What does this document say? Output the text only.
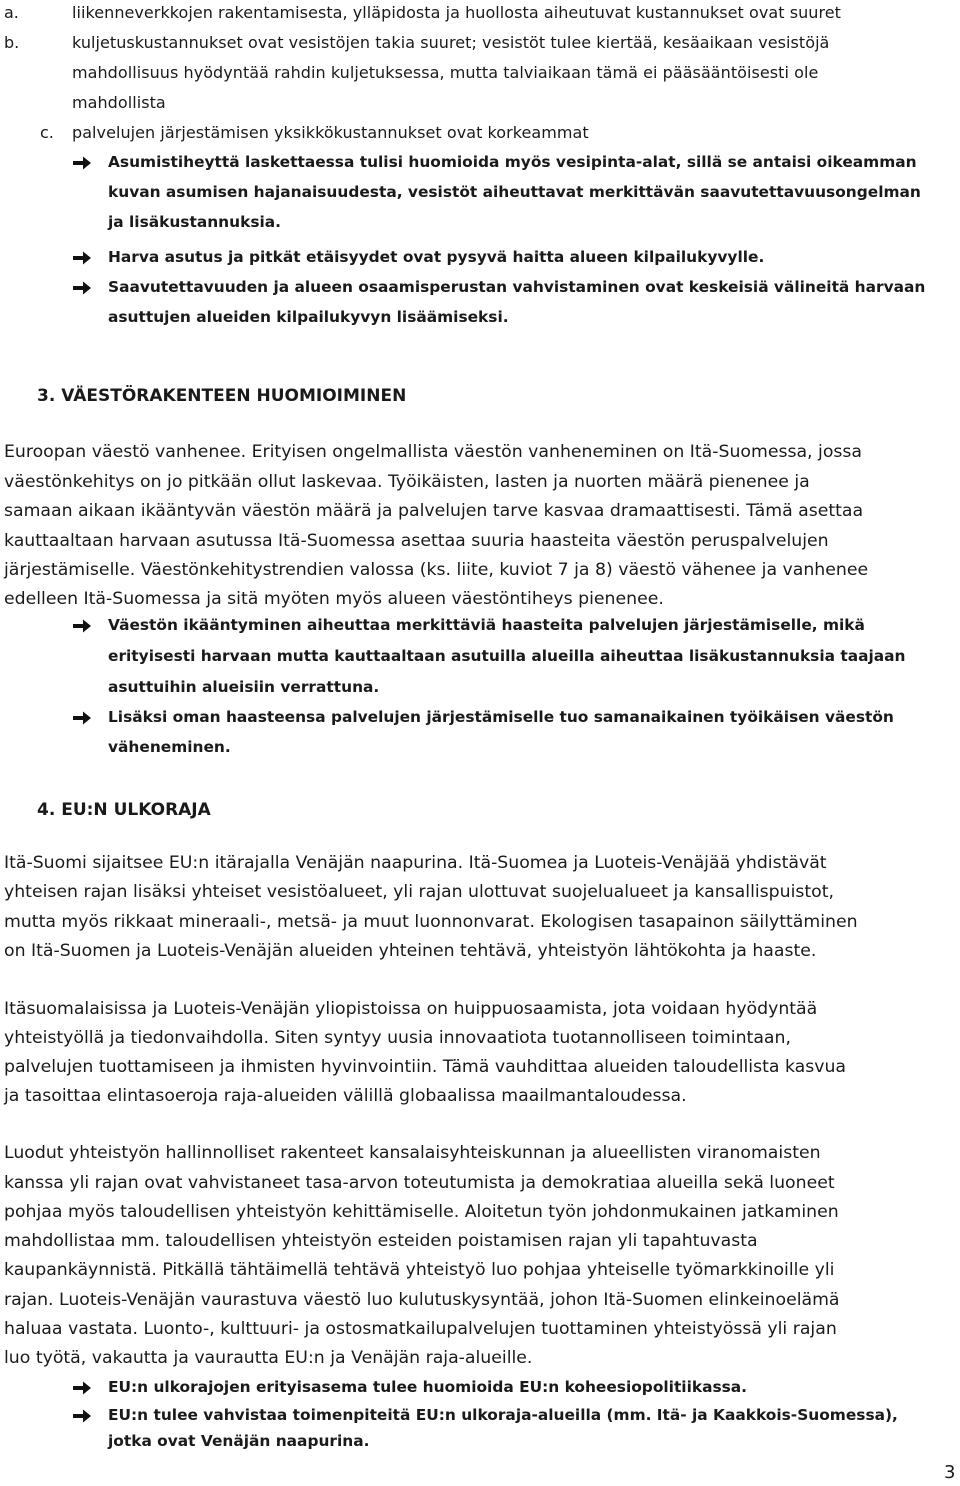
a.	liikenneverkkojen rakentamisesta, ylläpidosta ja huollosta aiheutuvat kustannukset ovat suuret

b.	kuljetuskustannukset ovat vesistöjen takia suuret; vesistöt tulee kiertää, kesäaikaan vesistöjä

mahdollisuus hyödyntää rahdin kuljetuksessa, mutta talviaikaan tämä ei pääsääntöisesti ole

mahdollista

c. palvelujen järjestämisen yksikkökustannukset ovat korkeammat

Asumistiheyttä laskettaessa tulisi huomioida myös vesipinta-alat, sillä se antaisi oikeamman

kuvan asumisen hajanaisuudesta, vesistöt aiheuttavat merkittävän saavutettavuusongelman

ja lisäkustannuksia.

Harva asutus ja pitkät etäisyydet ovat pysyvä haitta alueen kilpailukyvylle.

Saavutettavuuden ja alueen osaamisperustan vahvistaminen ovat keskeisiä välineitä harvaan

asuttujen alueiden kilpailukyvyn lisäämiseksi.

3. VÄESTÖRAKENTEEN HUOMIOIMINEN

Euroopan väestö vanhenee. Erityisen ongelmallista väestön vanheneminen on Itä-Suomessa, jossa

väestönkehitys on jo pitkään ollut laskevaa. Työikäisten, lasten ja nuorten määrä pienenee ja

samaan aikaan ikääntyvän väestön määrä ja palvelujen tarve kasvaa dramaattisesti. Tämä asettaa

kauttaaltaan harvaan asutussa Itä-Suomessa asettaa suuria haasteita väestön peruspalvelujen

järjestämiselle. Väestönkehitystrendien valossa (ks. liite, kuviot 7 ja 8) väestö vähenee ja vanhenee

edelleen Itä-Suomessa ja sitä myöten myös alueen väestöntiheys pienenee.

Väestön ikääntyminen aiheuttaa merkittäviä haasteita palvelujen järjestämiselle, mikä

erityisesti harvaan mutta kauttaaltaan asutuilla alueilla aiheuttaa lisäkustannuksia taajaan

asuttuihin alueisiin verrattuna.

Lisäksi oman haasteensa palvelujen järjestämiselle tuo samanaikainen työikäisen väestön

väheneminen.

4. EU:N ULKORAJA

Itä-Suomi sijaitsee EU:n itärajalla Venäjän naapurina. Itä-Suomea ja Luoteis-Venäjää yhdistävät

yhteisen rajan lisäksi yhteiset vesistöalueet, yli rajan ulottuvat suojelualueet ja kansallispuistot,

mutta myös rikkaat mineraali-, metsä- ja muut luonnonvarat. Ekologisen tasapainon säilyttäminen

on Itä-Suomen ja Luoteis-Venäjän alueiden yhteinen tehtävä, yhteistyön lähtökohta ja haaste.

Itäsuomalaisissa ja Luoteis-Venäjän yliopistoissa on huippuosaamista, jota voidaan hyödyntää

yhteistyöllä ja tiedonvaihdolla. Siten syntyy uusia innovaatiota tuotannolliseen toimintaan,

palvelujen tuottamiseen ja ihmisten hyvinvointiin. Tämä vauhdittaa alueiden taloudellista kasvua

ja tasoittaa elintasoeroja raja-alueiden välillä globaalissa maailmantaloudessa.

Luodut yhteistyön hallinnolliset rakenteet kansalaisyhteiskunnan ja alueellisten viranomaisten

kanssa yli rajan ovat vahvistaneet tasa-arvon toteutumista ja demokratiaa alueilla sekä luoneet

pohjaa myös taloudellisen yhteistyön kehittämiselle. Aloitetun työn johdonmukainen jatkaminen

mahdollistaa mm. taloudellisen yhteistyön esteiden poistamisen rajan yli tapahtuvasta

kaupankäynnistä. Pitkällä tähtäimellä tehtävä yhteistyö luo pohjaa yhteiselle työmarkkinoille yli

rajan. Luoteis-Venäjän vaurastuva väestö luo kulutuskysyntää, johon Itä-Suomen elinkeinoelämä

haluaa vastata. Luonto-, kulttuuri- ja ostosmatkailupalvelujen tuottaminen yhteistyössä yli rajan

luo työtä, vakautta ja vaurautta EU:n ja Venäjän raja-alueille.

EU:n ulkorajojen erityisasema tulee huomioida EU:n koheesiopolitiikassa.

EU:n tulee vahvistaa toimenpiteitä EU:n ulkoraja-alueilla (mm. Itä- ja Kaakkois-Suomessa),

jotka ovat Venäjän naapurina.

3
